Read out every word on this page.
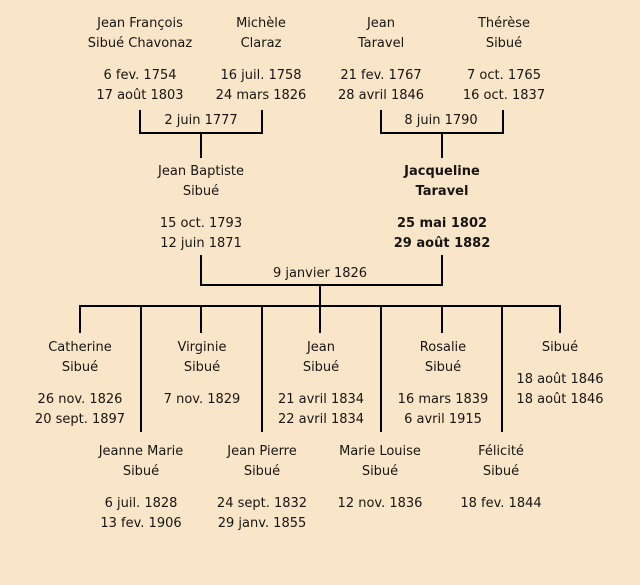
Jean François
Sibué Chavonaz
6 fev. 1754
17 août 1803
Michèle
Claraz
16 juil. 1758
24 mars 1826
Jean
Taravel
21 fev. 1767
28 avril 1846
Thérèse
Sibué
7 oct. 1765
16 oct. 1837
2 juin 1777	8 juin 1790
Jean Baptiste
Sibué
15 oct. 1793
12 juin 1871
Jacqueline
Taravel
25 mai 1802
29 août 1882
9 janvier 1826
Catherine
Sibué
26 nov. 1826
20 sept. 1897
Virginie
Sibué
7 nov. 1829
Jean
Sibué
21 avril 1834
22 avril 1834
Rosalie
Sibué
16 mars 1839
6 avril 1915
Sibué
18 août 1846
18 août 1846
Jeanne Marie
Sibué
6 juil. 1828
13 fev. 1906
Jean Pierre
Sibué
24 sept. 1832
29 janv. 1855
Marie Louise
Sibué
12 nov. 1836
Félicité
Sibué
18 fev. 1844
